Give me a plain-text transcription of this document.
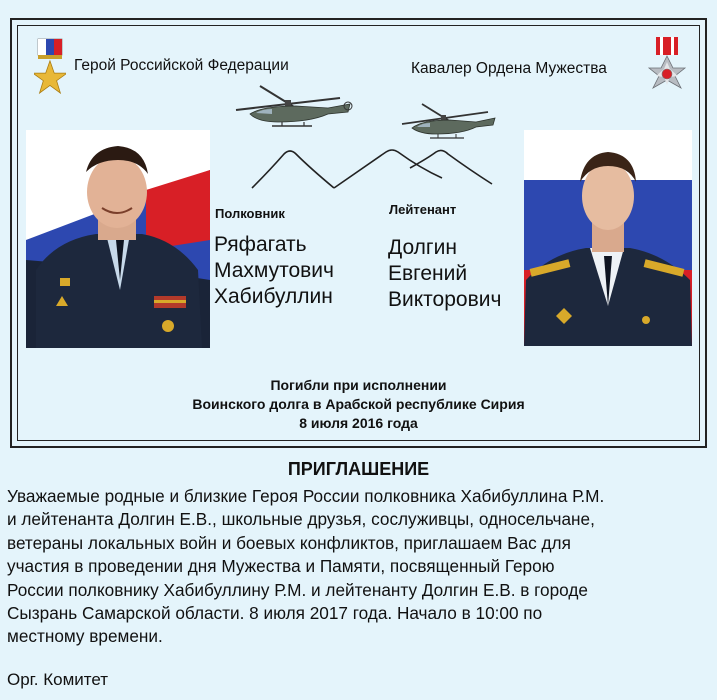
Герой Российской Федерации	Кавалер Ордена Мужества
Полковник
Ряфагать
Махмутович
Хабибуллин
Лейтенант
Долгин
Евгений
Викторович
Погибли при исполнении
Воинского долга в Арабской республике Сирия
8 июля 2016 года
ПРИГЛАШЕНИЕ
Уважаемые родные и близкие Героя России полковника Хабибуллина Р.М.
и лейтенанта Долгин Е.В., школьные друзья, сослуживцы, односельчане,
ветераны локальных войн и боевых конфликтов, приглашаем Вас для
участия в проведении дня Мужества и Памяти, посвященный Герою
России полковнику Хабибуллину Р.М. и лейтенанту Долгин Е.В. в городе
Сызрань Самарской области. 8 июля 2017 года. Начало в 10:00 по
местному времени.
Орг. Комитет
